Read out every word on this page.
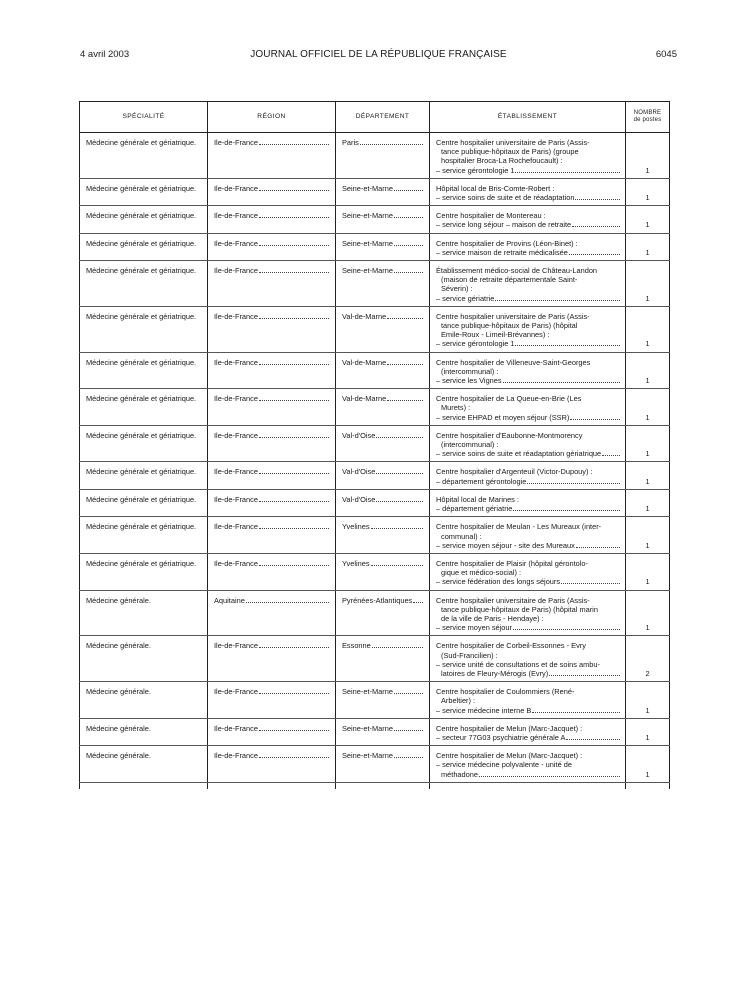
JOURNAL OFFICIEL DE LA RÉPUBLIQUE FRANÇAISE
4 avril 2003	6045
SPÉCIALITÉ	RÉGION	DÉPARTEMENT	ÉTABLISSEMENT	NOMBRE
de postes

Médecine générale et gériatrique.	Ile-de-France	Paris	Centre hospitalier universitaire de Paris (Assis-
tance publique-hôpitaux de Paris) (groupe
hospitalier Broca-La Rochefoucault) :
– service gérontologie 1	1
Médecine générale et gériatrique.	Ile-de-France	Seine-et-Marne	Hôpital local de Bris-Comte-Robert :
– service soins de suite et de réadaptation	1
Médecine générale et gériatrique.	Ile-de-France	Seine-et-Marne	Centre hospitalier de Montereau :
– service long séjour – maison de retraite	1
Médecine générale et gériatrique.	Ile-de-France	Seine-et-Marne	Centre hospitalier de Provins (Léon-Binet) :
– service maison de retraite médicalisée	1
Médecine générale et gériatrique.	Ile-de-France	Seine-et-Marne	Établissement médico-social de Château-Landon
(maison de retraite départementale Saint-
Séverin) :
– service gériatrie	1
Médecine générale et gériatrique.	Ile-de-France	Val-de-Marne	Centre hospitalier universitaire de Paris (Assis-
tance publique-hôpitaux de Paris) (hôpital
Emile-Roux - Limeil-Brévannes) :
– service gérontologie 1	1
Médecine générale et gériatrique.	Ile-de-France	Val-de-Marne	Centre hospitalier de Villeneuve-Saint-Georges
(intercommunal) :
– service les Vignes	1
Médecine générale et gériatrique.	Ile-de-France	Val-de-Marne	Centre hospitalier de La Queue-en-Brie (Les
Murets) :
– service EHPAD et moyen séjour (SSR)	1
Médecine générale et gériatrique.	Ile-de-France	Val-d'Oise	Centre hospitalier d'Eaubonne-Montmorency
(intercommunal) :
– service soins de suite et réadaptation gériatrique	1
Médecine générale et gériatrique.	Ile-de-France	Val-d'Oise	Centre hospitalier d'Argenteuil (Victor-Dupouy) :
– département gérontologie	1
Médecine générale et gériatrique.	Ile-de-France	Val-d'Oise	Hôpital local de Marines :
– département gériatrie	1
Médecine générale et gériatrique.	Ile-de-France	Yvelines	Centre hospitalier de Meulan - Les Mureaux (inter-
communal) :
– service moyen séjour - site des Mureaux	1
Médecine générale et gériatrique.	Ile-de-France	Yvelines	Centre hospitalier de Plaisir (hôpital gérontolo-
gique et médico-social) :
– service fédération des longs séjours	1
Médecine générale.	Aquitaine	Pyrénées-Atlantiques	Centre hospitalier universitaire de Paris (Assis-
tance publique-hôpitaux de Paris) (hôpital marin
de la ville de Paris - Hendaye) :
– service moyen séjour	1
Médecine générale.	Ile-de-France	Essonne	Centre hospitalier de Corbeil-Essonnes - Evry
(Sud-Francilien) :
– service unité de consultations et de soins ambu-
latoires de Fleury-Mérogis (Evry)	2
Médecine générale.	Ile-de-France	Seine-et-Marne	Centre hospitalier de Coulommiers (René-
Arbeltier) :
– service médecine interne B	1
Médecine générale.	Ile-de-France	Seine-et-Marne	Centre hospitalier de Melun (Marc-Jacquet) :
– secteur 77G03 psychiatrie générale A	1
Médecine générale.	Ile-de-France	Seine-et-Marne	Centre hospitalier de Melun (Marc-Jacquet) :
– service médecine polyvalente - unité de
méthadone	1
